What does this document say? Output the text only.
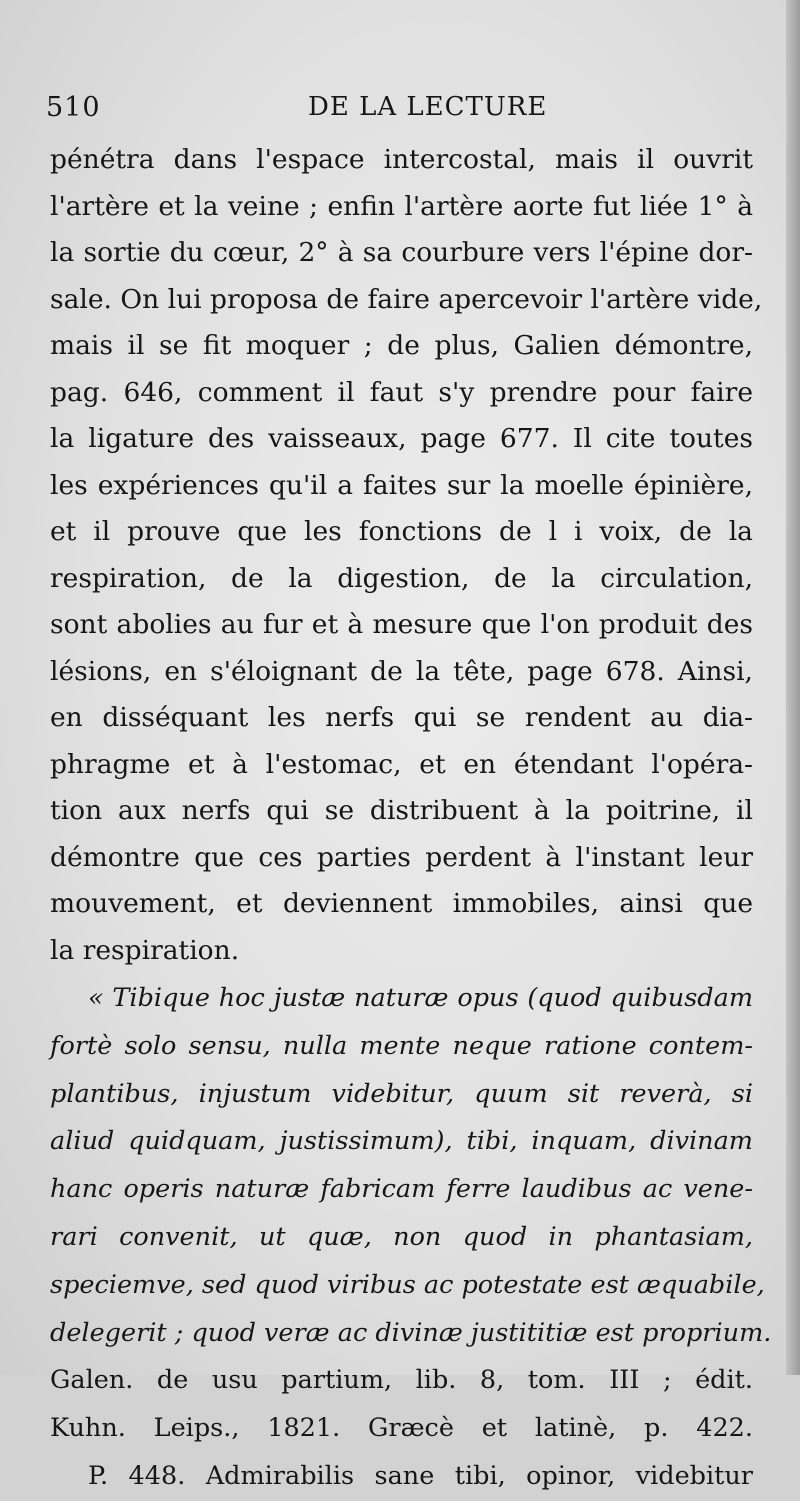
510	DE LA LECTURE
pénétra dans l'espace intercostal, mais il ouvrit
l'artère et la veine ; enfin l'artère aorte fut liée 1° à
la sortie du cœur, 2° à sa courbure vers l'épine dor-
sale. On lui proposa de faire apercevoir l'artère vide,
mais il se fit moquer ; de plus, Galien démontre,
pag. 646, comment il faut s'y prendre pour faire
la ligature des vaisseaux, page 677. Il cite toutes
les expériences qu'il a faites sur la moelle épinière,
et il prouve que les fonctions de l i voix, de la
respiration, de la digestion, de la circulation,
sont abolies au fur et à mesure que l'on produit des
lésions, en s'éloignant de la tête, page 678. Ainsi,
en disséquant les nerfs qui se rendent au dia-
phragme et à l'estomac, et en étendant l'opéra-
tion aux nerfs qui se distribuent à la poitrine, il
démontre que ces parties perdent à l'instant leur
mouvement, et deviennent immobiles, ainsi que
la respiration.
« Tibique hoc justæ naturæ opus (quod quibusdam
fortè solo sensu, nulla mente neque ratione contem-
plantibus, injustum videbitur, quum sit reverà, si
aliud quidquam, justissimum), tibi, inquam, divinam
hanc operis naturæ fabricam ferre laudibus ac vene-
rari convenit, ut quæ, non quod in phantasiam,
speciemve, sed quod viribus ac potestate est æquabile,
delegerit ; quod veræ ac divinæ justititiæ est proprium.
Galen. de usu partium, lib. 8, tom. III ; édit.
Kuhn. Leips., 1821. Græcè et latinè, p. 422.
P. 448. Admirabilis sane tibi, opinor, videbitur
